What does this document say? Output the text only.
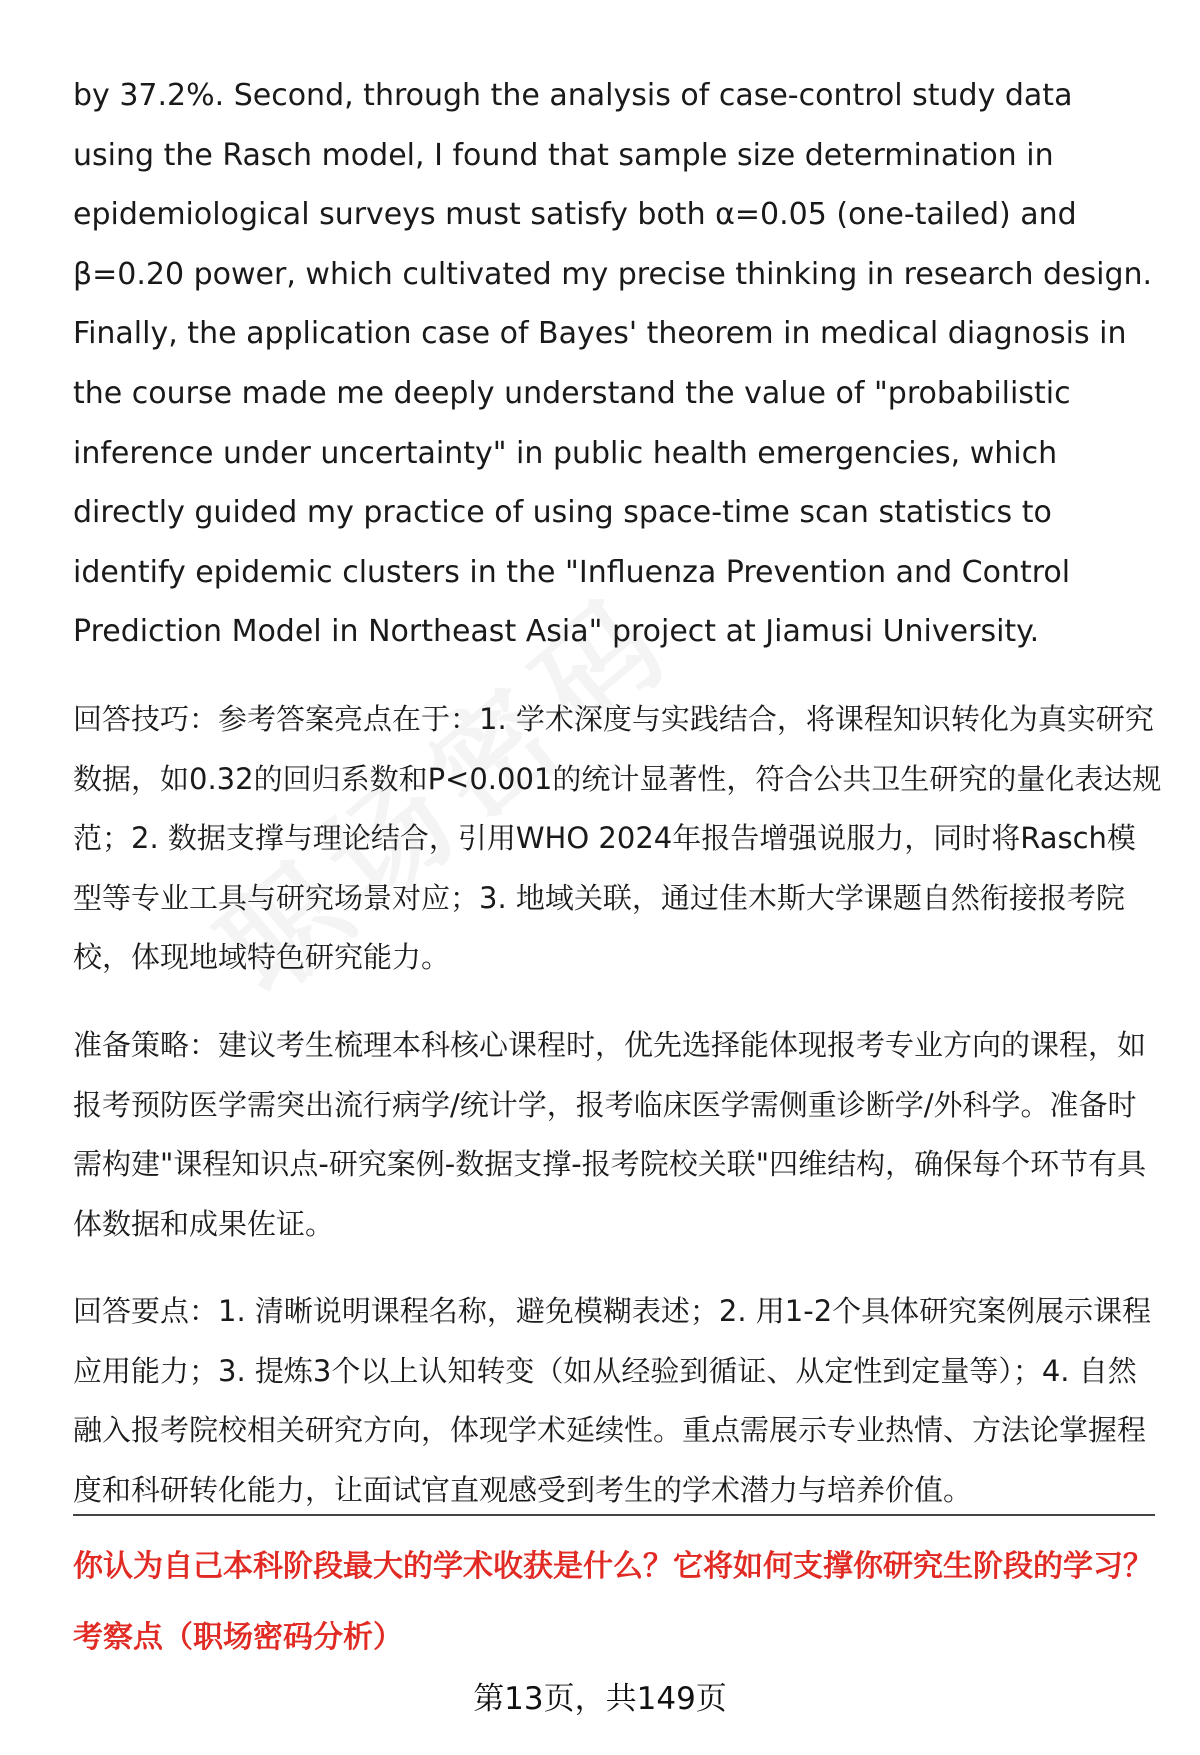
by 37.2%. Second, through the analysis of case-control study data using the Rasch model, I found that sample size determination in epidemiological surveys must satisfy both α=0.05 (one-tailed) and β=0.20 power, which cultivated my precise thinking in research design. Finally, the application case of Bayes' theorem in medical diagnosis in the course made me deeply understand the value of "probabilistic inference under uncertainty" in public health emergencies, which directly guided my practice of using space-time scan statistics to identify epidemic clusters in the "Influenza Prevention and Control Prediction Model in Northeast Asia" project at Jiamusi University.

回答技巧：参考答案亮点在于：1. 学术深度与实践结合，将课程知识转化为真实研究数据，如0.32的回归系数和P<0.001的统计显著性，符合公共卫生研究的量化表达规范；2. 数据支撑与理论结合，引用WHO 2024年报告增强说服力，同时将Rasch模型等专业工具与研究场景对应；3. 地域关联，通过佳木斯大学课题自然衔接报考院校，体现地域特色研究能力。

准备策略：建议考生梳理本科核心课程时，优先选择能体现报考专业方向的课程，如报考预防医学需突出流行病学/统计学，报考临床医学需侧重诊断学/外科学。准备时需构建"课程知识点-研究案例-数据支撑-报考院校关联"四维结构，确保每个环节有具体数据和成果佐证。

回答要点：1. 清晰说明课程名称，避免模糊表述；2. 用1-2个具体研究案例展示课程应用能力；3. 提炼3个以上认知转变（如从经验到循证、从定性到定量等）；4. 自然融入报考院校相关研究方向，体现学术延续性。重点需展示专业热情、方法论掌握程度和科研转化能力，让面试官直观感受到考生的学术潜力与培养价值。

你认为自己本科阶段最大的学术收获是什么？它将如何支撑你研究生阶段的学习？
考察点（职场密码分析）
第13页，共149页
